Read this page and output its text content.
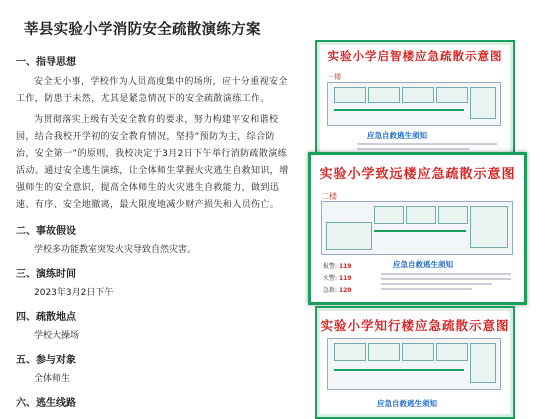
莘县实验小学消防安全疏散演练方案
一、指导思想

安全无小事，学校作为人员高度集中的场所，应十分重视安全工作，防患于未然，尤其是紧急情况下的安全疏散演练工作。

为贯彻落实上级有关安全教育的要求，努力构建平安和谐校园，结合我校开学初的安全教育情况，坚持“预防为主，综合防治，安全第一”的原则，我校决定于3月2日下午举行消防疏散演练活动。通过安全逃生演练，让全体师生掌握火灾逃生自救知识，增强师生的安全意识，提高全体师生的火灾逃生自救能力，做到迅速、有序、安全地撤离，最大限度地减少财产损失和人员伤亡。

二、事故假设

学校多功能教室突发火灾导致自然灾害。

三、演练时间

2023年3月2日下午

四、疏散地点

学校大操场

五、参与对象

全体师生

六、逃生线路
实验小学启智楼应急疏散示意图
一楼
应急自救逃生须知
实验小学致远楼应急疏散示意图
二楼
报警: 119
火警: 119
急救: 120
应急自救逃生须知
实验小学知行楼应急疏散示意图
应急自救逃生须知
